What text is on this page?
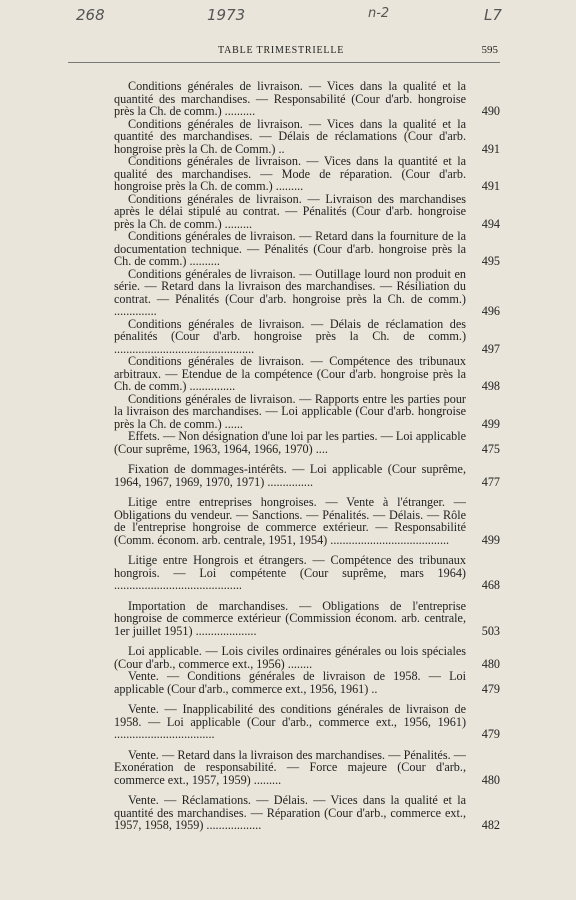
268	1973	n-2	L7
TABLE TRIMESTRIELLE	595
Conditions générales de livraison. — Vices dans la qualité et la quantité des marchandises. — Responsabilité (Cour d'arb. hongroise près la Ch. de comm.) ..........	490
Conditions générales de livraison. — Vices dans la qualité et la quantité des marchandises. — Délais de réclamations (Cour d'arb. hongroise près la Ch. de Comm.) ..	491
Conditions générales de livraison. — Vices dans la quantité et la qualité des marchandises. — Mode de réparation. (Cour d'arb. hongroise près la Ch. de comm.) .........	491
Conditions générales de livraison. — Livraison des marchandises après le délai stipulé au contrat. — Pénalités (Cour d'arb. hongroise près la Ch. de comm.) .........	494
Conditions générales de livraison. — Retard dans la fourniture de la documentation technique. — Pénalités (Cour d'arb. hongroise près la Ch. de comm.) ..........	495
Conditions générales de livraison. — Outillage lourd non produit en série. — Retard dans la livraison des marchandises. — Résiliation du contrat. — Pénalités (Cour d'arb. hongroise près la Ch. de comm.) ..............	496
Conditions générales de livraison. — Délais de réclamation des pénalités (Cour d'arb. hongroise près la Ch. de comm.) ..............................................	497
Conditions générales de livraison. — Compétence des tribunaux arbitraux. — Etendue de la compétence (Cour d'arb. hongroise près la Ch. de comm.) ...............	498
Conditions générales de livraison. — Rapports entre les parties pour la livraison des marchandises. — Loi applicable (Cour d'arb. hongroise près la Ch. de comm.) ......	499
Effets. — Non désignation d'une loi par les parties. — Loi applicable (Cour suprême, 1963, 1964, 1966, 1970) ....	475
Fixation de dommages-intérêts. — Loi applicable (Cour suprême, 1964, 1967, 1969, 1970, 1971) ...............	477
Litige entre entreprises hongroises. — Vente à l'étranger. — Obligations du vendeur. — Sanctions. — Pénalités. — Délais. — Rôle de l'entreprise hongroise de commerce extérieur. — Responsabilité (Comm. économ. arb. centrale, 1951, 1954) .......................................	499
Litige entre Hongrois et étrangers. — Compétence des tribunaux hongrois. — Loi compétente (Cour suprême, mars 1964) ..........................................	468
Importation de marchandises. — Obligations de l'entreprise hongroise de commerce extérieur (Commission économ. arb. centrale, 1er juillet 1951) ....................	503
Loi applicable. — Lois civiles ordinaires générales ou lois spéciales (Cour d'arb., commerce ext., 1956) ........	480
Vente. — Conditions générales de livraison de 1958. — Loi applicable (Cour d'arb., commerce ext., 1956, 1961) ..	479
Vente. — Inapplicabilité des conditions générales de livraison de 1958. — Loi applicable (Cour d'arb., commerce ext., 1956, 1961) .................................	479
Vente. — Retard dans la livraison des marchandises. — Pénalités. — Exonération de responsabilité. — Force majeure (Cour d'arb., commerce ext., 1957, 1959) .........	480
Vente. — Réclamations. — Délais. — Vices dans la qualité et la quantité des marchandises. — Réparation (Cour d'arb., commerce ext., 1957, 1958, 1959) ..................	482
